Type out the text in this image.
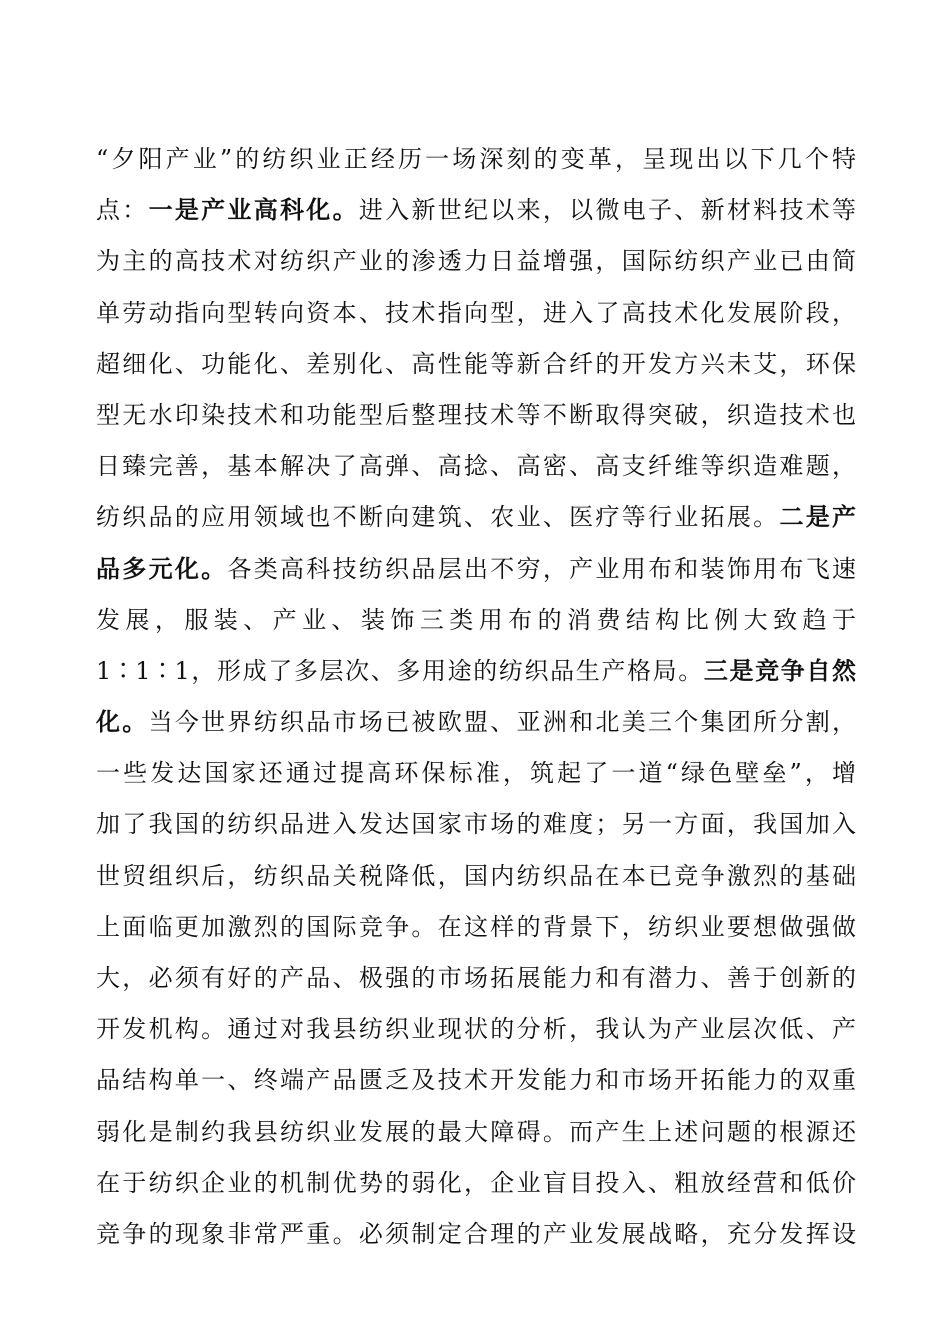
“夕阳产业”的纺织业正经历一场深刻的变革，呈现出以下几个特
点：一是产业高科化。进入新世纪以来，以微电子、新材料技术等
为主的高技术对纺织产业的渗透力日益增强，国际纺织产业已由简
单劳动指向型转向资本、技术指向型，进入了高技术化发展阶段，
超细化、功能化、差别化、高性能等新合纤的开发方兴未艾，环保
型无水印染技术和功能型后整理技术等不断取得突破，织造技术也
日臻完善，基本解决了高弹、高捻、高密、高支纤维等织造难题，
纺织品的应用领域也不断向建筑、农业、医疗等行业拓展。二是产
品多元化。各类高科技纺织品层出不穷，产业用布和装饰用布飞速
发展，服装、产业、装饰三类用布的消费结构比例大致趋于
1∶1∶1，形成了多层次、多用途的纺织品生产格局。三是竞争自然
化。当今世界纺织品市场已被欧盟、亚洲和北美三个集团所分割，
一些发达国家还通过提高环保标准，筑起了一道“绿色壁垒”，增
加了我国的纺织品进入发达国家市场的难度；另一方面，我国加入
世贸组织后，纺织品关税降低，国内纺织品在本已竞争激烈的基础
上面临更加激烈的国际竞争。在这样的背景下，纺织业要想做强做
大，必须有好的产品、极强的市场拓展能力和有潜力、善于创新的
开发机构。通过对我县纺织业现状的分析，我认为产业层次低、产
品结构单一、终端产品匮乏及技术开发能力和市场开拓能力的双重
弱化是制约我县纺织业发展的最大障碍。而产生上述问题的根源还
在于纺织企业的机制优势的弱化，企业盲目投入、粗放经营和低价
竞争的现象非常严重。必须制定合理的产业发展战略，充分发挥设
